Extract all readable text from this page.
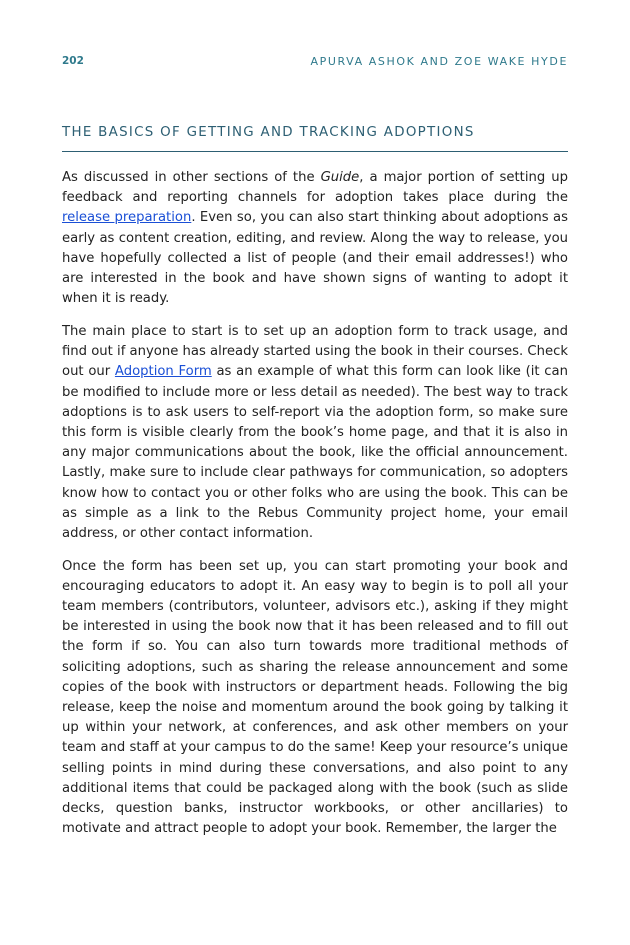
202	APURVA ASHOK AND ZOE WAKE HYDE
THE BASICS OF GETTING AND TRACKING ADOPTIONS

As discussed in other sections of the Guide, a major portion of setting up feedback and reporting channels for adoption takes place during the release preparation. Even so, you can also start thinking about adoptions as early as content creation, editing, and review. Along the way to release, you have hopefully collected a list of people (and their email addresses!) who are interested in the book and have shown signs of wanting to adopt it when it is ready.

The main place to start is to set up an adoption form to track usage, and find out if anyone has already started using the book in their courses. Check out our Adoption Form as an example of what this form can look like (it can be modified to include more or less detail as needed). The best way to track adoptions is to ask users to self-report via the adoption form, so make sure this form is visible clearly from the book’s home page, and that it is also in any major communications about the book, like the official announcement. Lastly, make sure to include clear pathways for communication, so adopters know how to contact you or other folks who are using the book. This can be as simple as a link to the Rebus Community project home, your email address, or other contact information.

Once the form has been set up, you can start promoting your book and encouraging educators to adopt it. An easy way to begin is to poll all your team members (contributors, volunteer, advisors etc.), asking if they might be interested in using the book now that it has been released and to fill out the form if so. You can also turn towards more traditional methods of soliciting adoptions, such as sharing the release announcement and some copies of the book with instructors or department heads. Following the big release, keep the noise and momentum around the book going by talking it up within your network, at conferences, and ask other members on your team and staff at your campus to do the same! Keep your resource’s unique selling points in mind during these conversations, and also point to any additional items that could be packaged along with the book (such as slide decks, question banks, instructor workbooks, or other ancillaries) to motivate and attract people to adopt your book. Remember, the larger the
